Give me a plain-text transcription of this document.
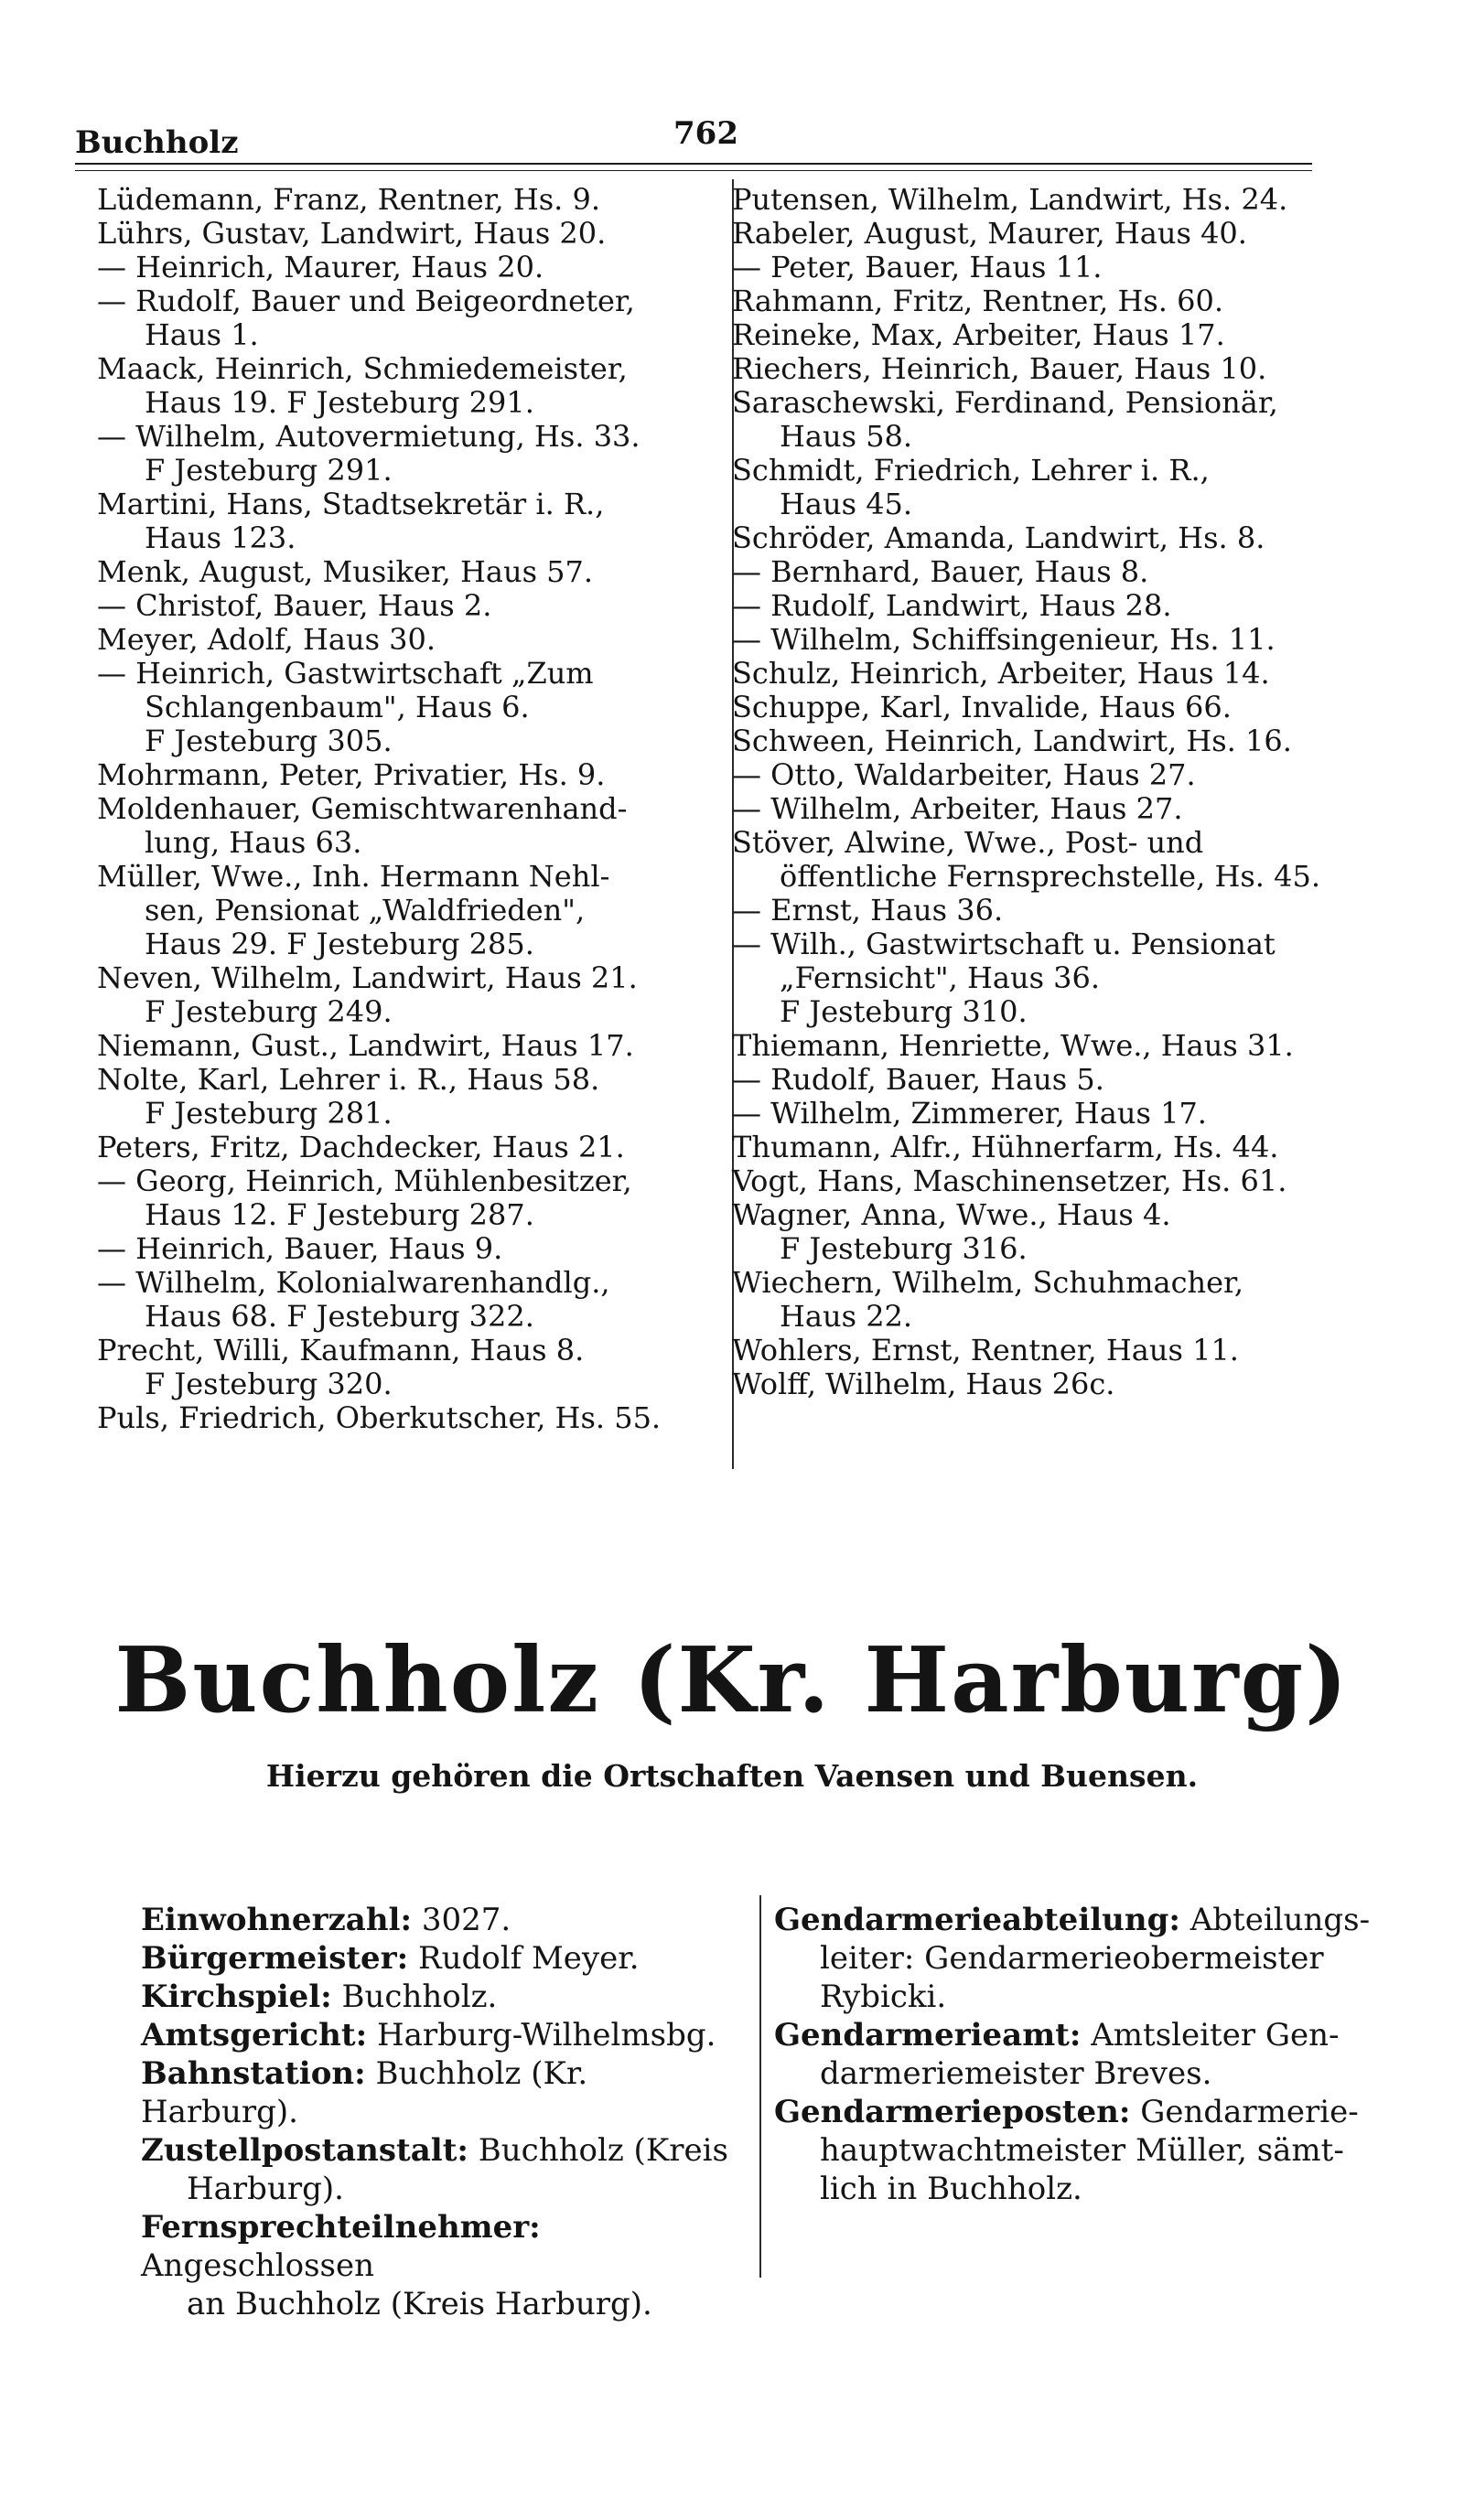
Buchholz	762
Lüdemann, Franz, Rentner, Hs. 9.
Lührs, Gustav, Landwirt, Haus 20.
— Heinrich, Maurer, Haus 20.
— Rudolf, Bauer und Beigeordneter,
Haus 1.
Maack, Heinrich, Schmiedemeister,
Haus 19. F Jesteburg 291.
— Wilhelm, Autovermietung, Hs. 33.
F Jesteburg 291.
Martini, Hans, Stadtsekretär i. R.,
Haus 123.
Menk, August, Musiker, Haus 57.
— Christof, Bauer, Haus 2.
Meyer, Adolf, Haus 30.
— Heinrich, Gastwirtschaft „Zum
Schlangenbaum", Haus 6.
F Jesteburg 305.
Mohrmann, Peter, Privatier, Hs. 9.
Moldenhauer, Gemischtwarenhand-
lung, Haus 63.
Müller, Wwe., Inh. Hermann Nehl-
sen, Pensionat „Waldfrieden",
Haus 29. F Jesteburg 285.
Neven, Wilhelm, Landwirt, Haus 21.
F Jesteburg 249.
Niemann, Gust., Landwirt, Haus 17.
Nolte, Karl, Lehrer i. R., Haus 58.
F Jesteburg 281.
Peters, Fritz, Dachdecker, Haus 21.
— Georg, Heinrich, Mühlenbesitzer,
Haus 12. F Jesteburg 287.
— Heinrich, Bauer, Haus 9.
— Wilhelm, Kolonialwarenhandlg.,
Haus 68. F Jesteburg 322.
Precht, Willi, Kaufmann, Haus 8.
F Jesteburg 320.
Puls, Friedrich, Oberkutscher, Hs. 55.
Putensen, Wilhelm, Landwirt, Hs. 24.
Rabeler, August, Maurer, Haus 40.
— Peter, Bauer, Haus 11.
Rahmann, Fritz, Rentner, Hs. 60.
Reineke, Max, Arbeiter, Haus 17.
Riechers, Heinrich, Bauer, Haus 10.
Saraschewski, Ferdinand, Pensionär,
Haus 58.
Schmidt, Friedrich, Lehrer i. R.,
Haus 45.
Schröder, Amanda, Landwirt, Hs. 8.
— Bernhard, Bauer, Haus 8.
— Rudolf, Landwirt, Haus 28.
— Wilhelm, Schiffsingenieur, Hs. 11.
Schulz, Heinrich, Arbeiter, Haus 14.
Schuppe, Karl, Invalide, Haus 66.
Schween, Heinrich, Landwirt, Hs. 16.
— Otto, Waldarbeiter, Haus 27.
— Wilhelm, Arbeiter, Haus 27.
Stöver, Alwine, Wwe., Post- und
öffentliche Fernsprechstelle, Hs. 45.
— Ernst, Haus 36.
— Wilh., Gastwirtschaft u. Pensionat
„Fernsicht", Haus 36.
F Jesteburg 310.
Thiemann, Henriette, Wwe., Haus 31.
— Rudolf, Bauer, Haus 5.
— Wilhelm, Zimmerer, Haus 17.
Thumann, Alfr., Hühnerfarm, Hs. 44.
Vogt, Hans, Maschinensetzer, Hs. 61.
Wagner, Anna, Wwe., Haus 4.
F Jesteburg 316.
Wiechern, Wilhelm, Schuhmacher,
Haus 22.
Wohlers, Ernst, Rentner, Haus 11.
Wolff, Wilhelm, Haus 26c.
Buchholz (Kr. Harburg)
Hierzu gehören die Ortschaften Vaensen und Buensen.
Einwohnerzahl: 3027.
Bürgermeister: Rudolf Meyer.
Kirchspiel: Buchholz.
Amtsgericht: Harburg-Wilhelmsbg.
Bahnstation: Buchholz (Kr. Harburg).
Zustellpostanstalt: Buchholz (Kreis
Harburg).
Fernsprechteilnehmer: Angeschlossen
an Buchholz (Kreis Harburg).
Gendarmerieabteilung: Abteilungs-
leiter: Gendarmerieobermeister
Rybicki.
Gendarmerieamt: Amtsleiter Gen-
darmeriemeister Breves.
Gendarmerieposten: Gendarmerie-
hauptwachtmeister Müller, sämt-
lich in Buchholz.
